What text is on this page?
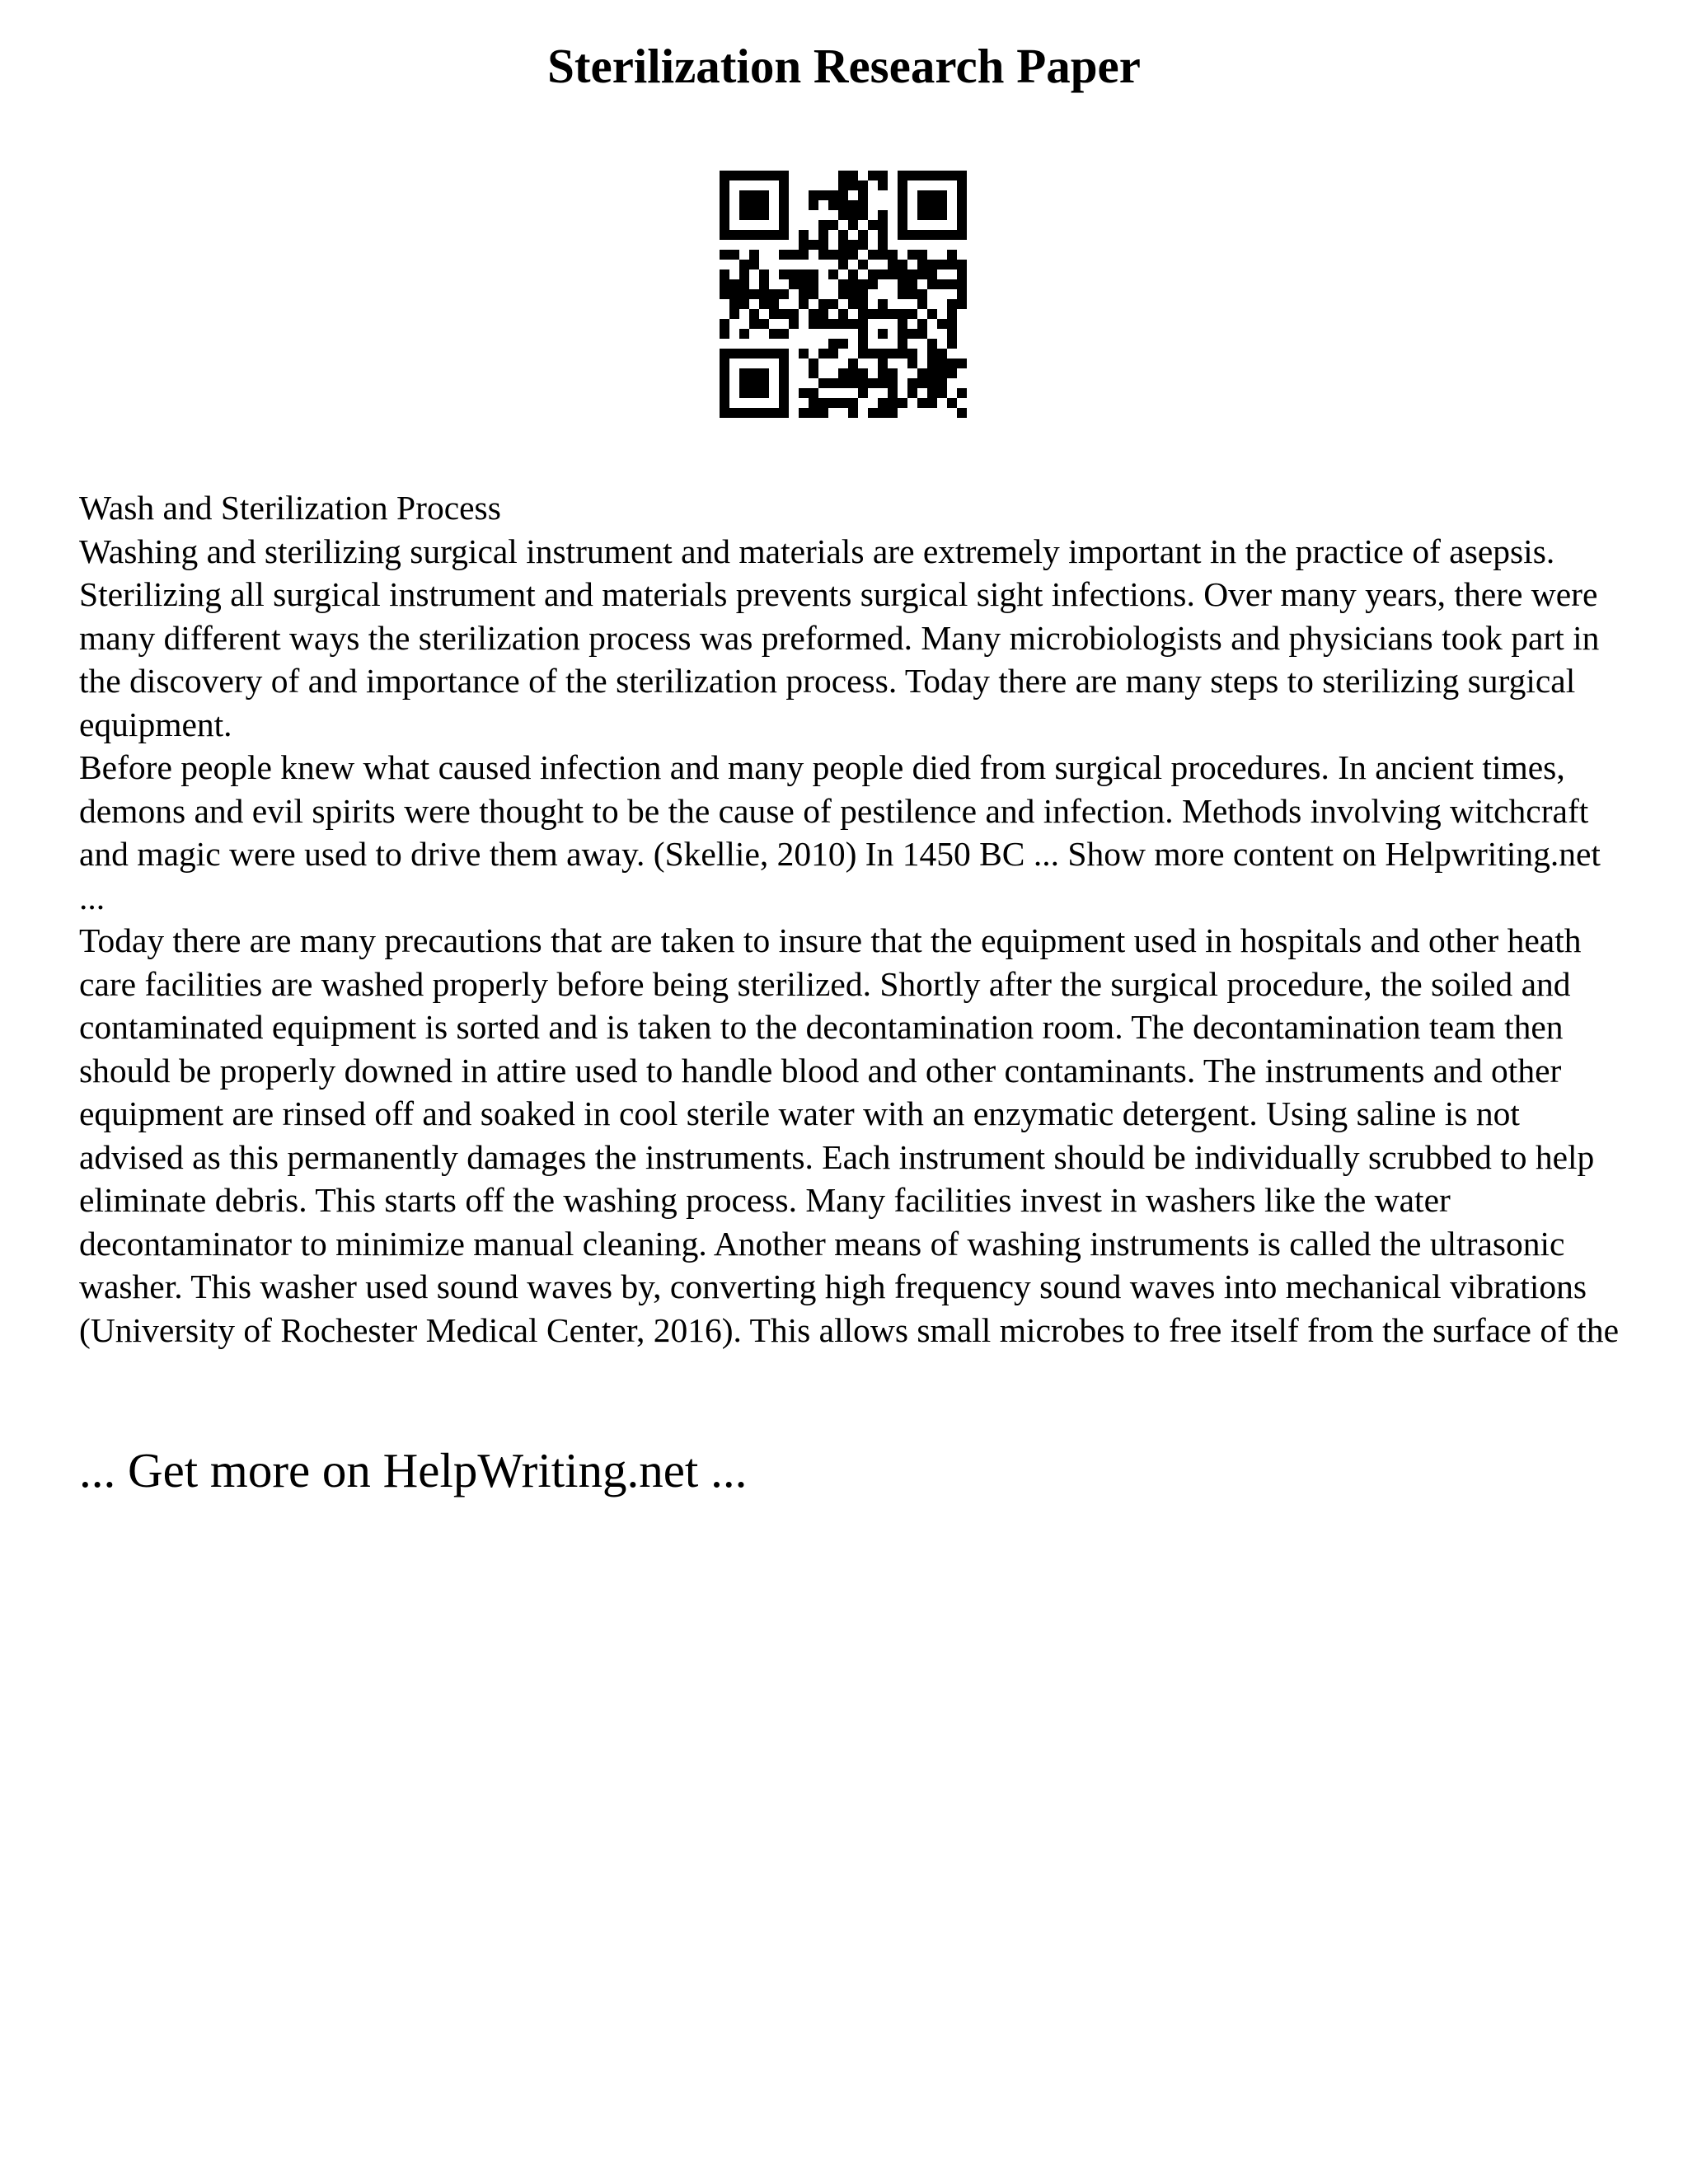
Sterilization Research Paper

Wash and Sterilization Process

Washing and sterilizing surgical instrument and materials are extremely important in the practice of asepsis. Sterilizing all surgical instrument and materials prevents surgical sight infections. Over many years, there were many different ways the sterilization process was preformed. Many microbiologists and physicians took part in the discovery of and importance of the sterilization process. Today there are many steps to sterilizing surgical equipment.

Before people knew what caused infection and many people died from surgical procedures. In ancient times, demons and evil spirits were thought to be the cause of pestilence and infection. Methods involving witchcraft and magic were used to drive them away. (Skellie, 2010) In 1450 BC ... Show more content on Helpwriting.net ...

Today there are many precautions that are taken to insure that the equipment used in hospitals and other heath care facilities are washed properly before being sterilized. Shortly after the surgical procedure, the soiled and contaminated equipment is sorted and is taken to the decontamination room. The decontamination team then should be properly downed in attire used to handle blood and other contaminants. The instruments and other equipment are rinsed off and soaked in cool sterile water with an enzymatic detergent. Using saline is not advised as this permanently damages the instruments. Each instrument should be individually scrubbed to help eliminate debris. This starts off the washing process. Many facilities invest in washers like the water decontaminator to minimize manual cleaning. Another means of washing instruments is called the ultrasonic washer. This washer used sound waves by, converting high frequency sound waves into mechanical vibrations (University of Rochester Medical Center, 2016). This allows small microbes to free itself from the surface of the

... Get more on HelpWriting.net ...
